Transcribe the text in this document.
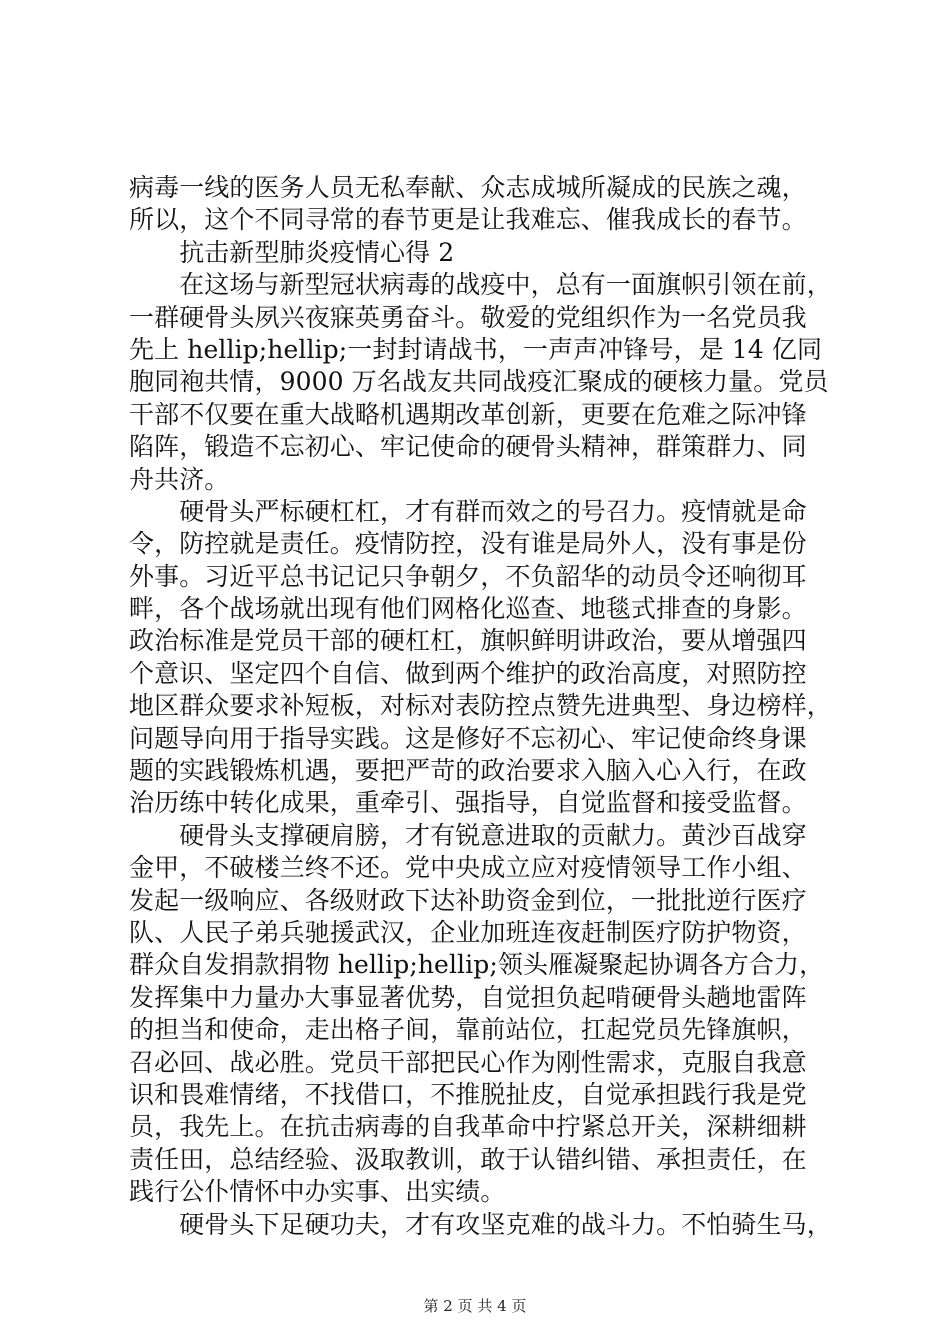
病毒一线的医务人员无私奉献、众志成城所凝成的民族之魂，
所以，这个不同寻常的春节更是让我难忘、催我成长的春节。
　　抗击新型肺炎疫情心得 2
　　在这场与新型冠状病毒的战疫中，总有一面旗帜引领在前，
一群硬骨头夙兴夜寐英勇奋斗。敬爱的党组织作为一名党员我
先上 hellip;hellip;一封封请战书，一声声冲锋号，是 14 亿同
胞同袍共情，9000 万名战友共同战疫汇聚成的硬核力量。党员
干部不仅要在重大战略机遇期改革创新，更要在危难之际冲锋
陷阵，锻造不忘初心、牢记使命的硬骨头精神，群策群力、同
舟共济。
　　硬骨头严标硬杠杠，才有群而效之的号召力。疫情就是命
令，防控就是责任。疫情防控，没有谁是局外人，没有事是份
外事。习近平总书记记只争朝夕，不负韶华的动员令还响彻耳
畔，各个战场就出现有他们网格化巡查、地毯式排查的身影。
政治标准是党员干部的硬杠杠，旗帜鲜明讲政治，要从增强四
个意识、坚定四个自信、做到两个维护的政治高度，对照防控
地区群众要求补短板，对标对表防控点赞先进典型、身边榜样，
问题导向用于指导实践。这是修好不忘初心、牢记使命终身课
题的实践锻炼机遇，要把严苛的政治要求入脑入心入行，在政
治历练中转化成果，重牵引、强指导，自觉监督和接受监督。
　　硬骨头支撑硬肩膀，才有锐意进取的贡献力。黄沙百战穿
金甲，不破楼兰终不还。党中央成立应对疫情领导工作小组、
发起一级响应、各级财政下达补助资金到位，一批批逆行医疗
队、人民子弟兵驰援武汉，企业加班连夜赶制医疗防护物资，
群众自发捐款捐物 hellip;hellip;领头雁凝聚起协调各方合力，
发挥集中力量办大事显著优势，自觉担负起啃硬骨头趟地雷阵
的担当和使命，走出格子间，靠前站位，扛起党员先锋旗帜，
召必回、战必胜。党员干部把民心作为刚性需求，克服自我意
识和畏难情绪，不找借口，不推脱扯皮，自觉承担践行我是党
员，我先上。在抗击病毒的自我革命中拧紧总开关，深耕细耕
责任田，总结经验、汲取教训，敢于认错纠错、承担责任，在
践行公仆情怀中办实事、出实绩。
　　硬骨头下足硬功夫，才有攻坚克难的战斗力。不怕骑生马，
第 2 页 共 4 页
